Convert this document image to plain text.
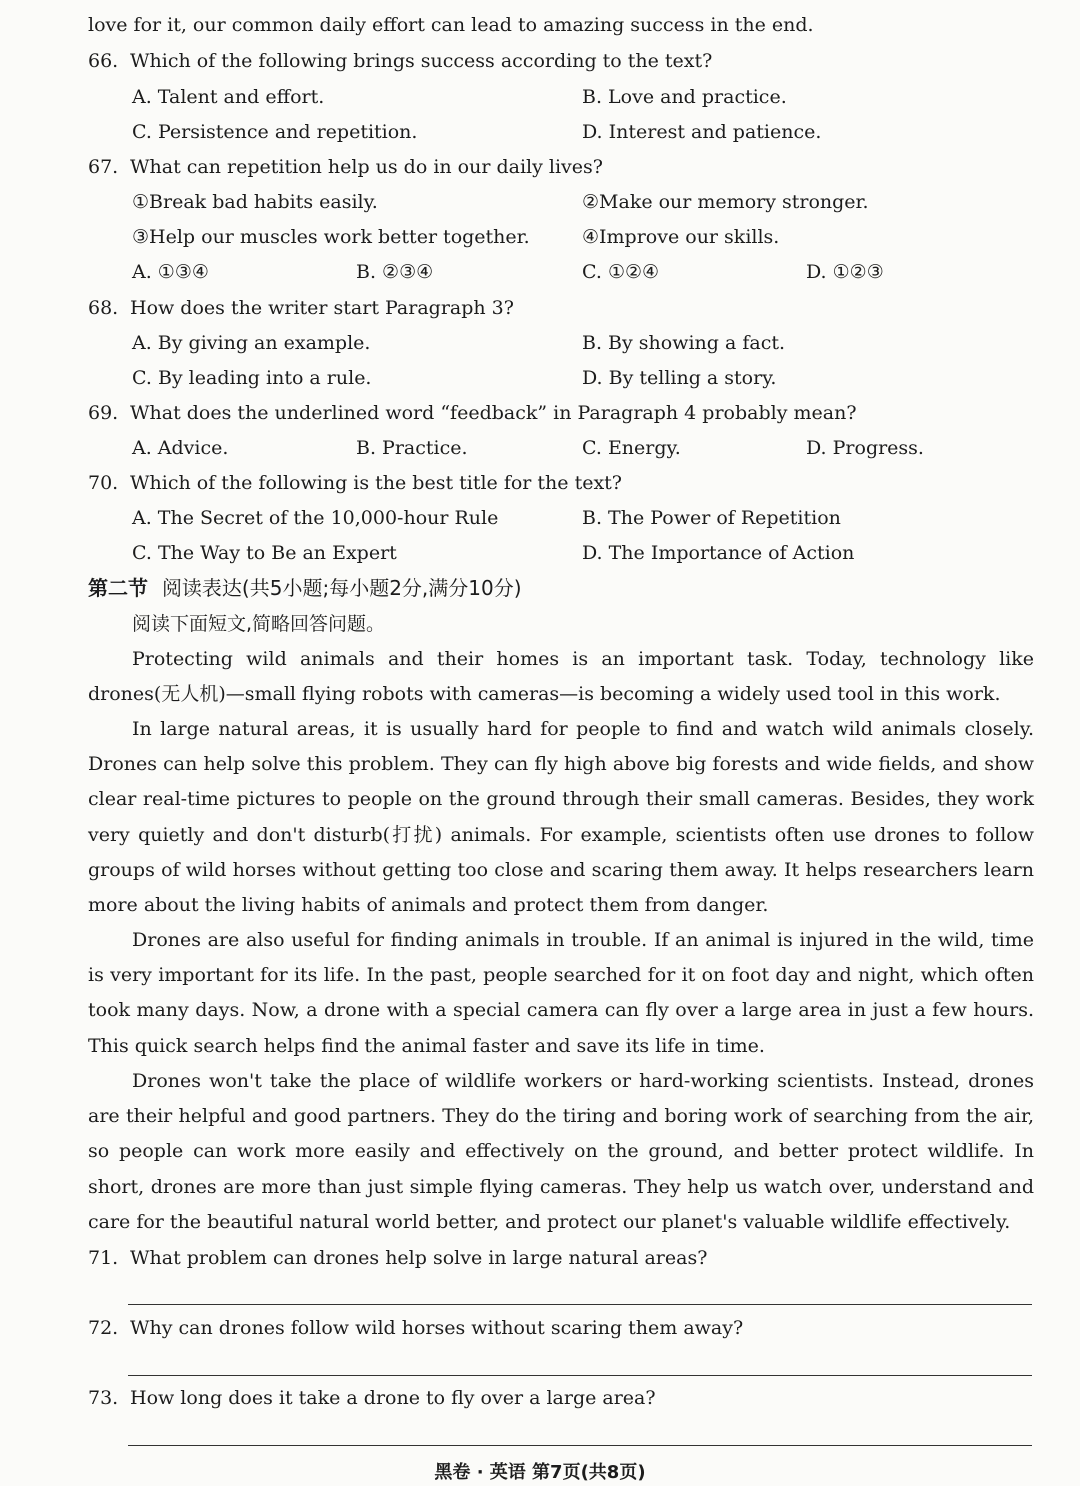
love for it, our common daily effort can lead to amazing success in the end.
66. Which of the following brings success according to the text?
A. Talent and effort.	B. Love and practice.
C. Persistence and repetition.	D. Interest and patience.
67. What can repetition help us do in our daily lives?
①Break bad habits easily.	②Make our memory stronger.
③Help our muscles work better together.	④Improve our skills.
A. ①③④	B. ②③④	C. ①②④	D. ①②③
68. How does the writer start Paragraph 3?
A. By giving an example.	B. By showing a fact.
C. By leading into a rule.	D. By telling a story.
69. What does the underlined word “feedback” in Paragraph 4 probably mean?
A. Advice.	B. Practice.	C. Energy.	D. Progress.
70. Which of the following is the best title for the text?
A. The Secret of the 10,000-hour Rule	B. The Power of Repetition
C. The Way to Be an Expert	D. The Importance of Action
第二节 阅读表达(共5小题;每小题2分,满分10分)
阅读下面短文,简略回答问题。
Protecting wild animals and their homes is an important task. Today, technology like drones(无人机)—small flying robots with cameras—is becoming a widely used tool in this work.
In large natural areas, it is usually hard for people to find and watch wild animals closely. Drones can help solve this problem. They can fly high above big forests and wide fields, and show clear real-time pictures to people on the ground through their small cameras. Besides, they work very quietly and don't disturb(打扰) animals. For example, scientists often use drones to follow groups of wild horses without getting too close and scaring them away. It helps researchers learn more about the living habits of animals and protect them from danger.
Drones are also useful for finding animals in trouble. If an animal is injured in the wild, time is very important for its life. In the past, people searched for it on foot day and night, which often took many days. Now, a drone with a special camera can fly over a large area in just a few hours. This quick search helps find the animal faster and save its life in time.
Drones won't take the place of wildlife workers or hard-working scientists. Instead, drones are their helpful and good partners. They do the tiring and boring work of searching from the air, so people can work more easily and effectively on the ground, and better protect wildlife. In short, drones are more than just simple flying cameras. They help us watch over, understand and care for the beautiful natural world better, and protect our planet's valuable wildlife effectively.
71. What problem can drones help solve in large natural areas?
72. Why can drones follow wild horses without scaring them away?
73. How long does it take a drone to fly over a large area?
黑卷 · 英语 第7页(共8页)
